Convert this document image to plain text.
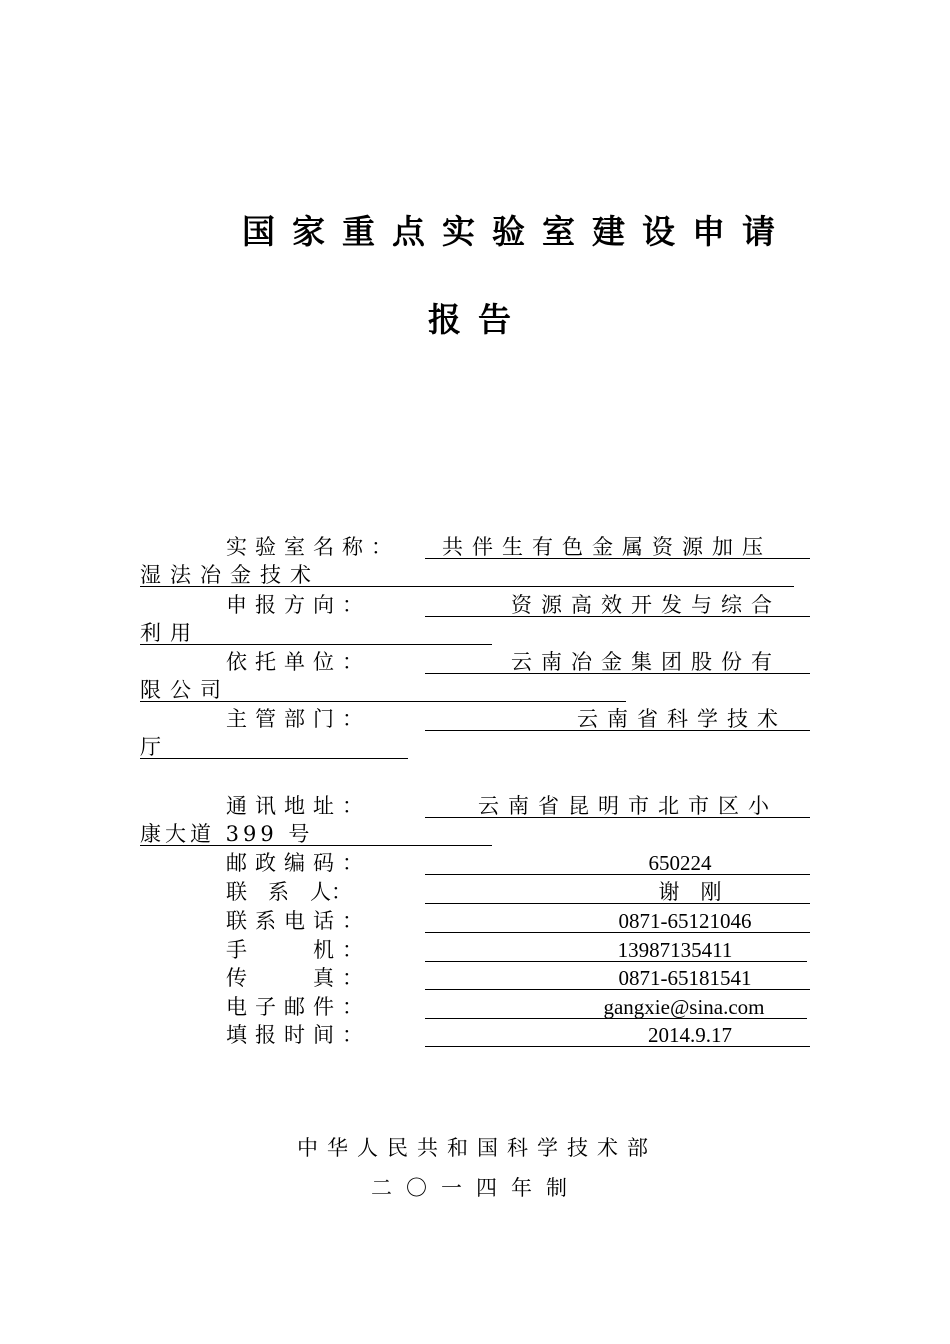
国家重点实验室建设申请
报告
实验室名称： 共伴生有色金属资源加压
湿法冶金技术
申报方向：	资源高效开发与综合
利用
依托单位：	云南冶金集团股份有
限公司
主管部门：	云南省科学技术
厅
通讯地址：	云南省昆明市北市区小
康大道 399 号
邮政编码：	650224
联　系　人：	谢　刚
联系电话：	0871-65121046
手　　机：	13987135411
传　　真：	0871-65181541
电子邮件：	gangxie@sina.com
填报时间：	2014.9.17
中华人民共和国科学技术部
二〇一四年制
